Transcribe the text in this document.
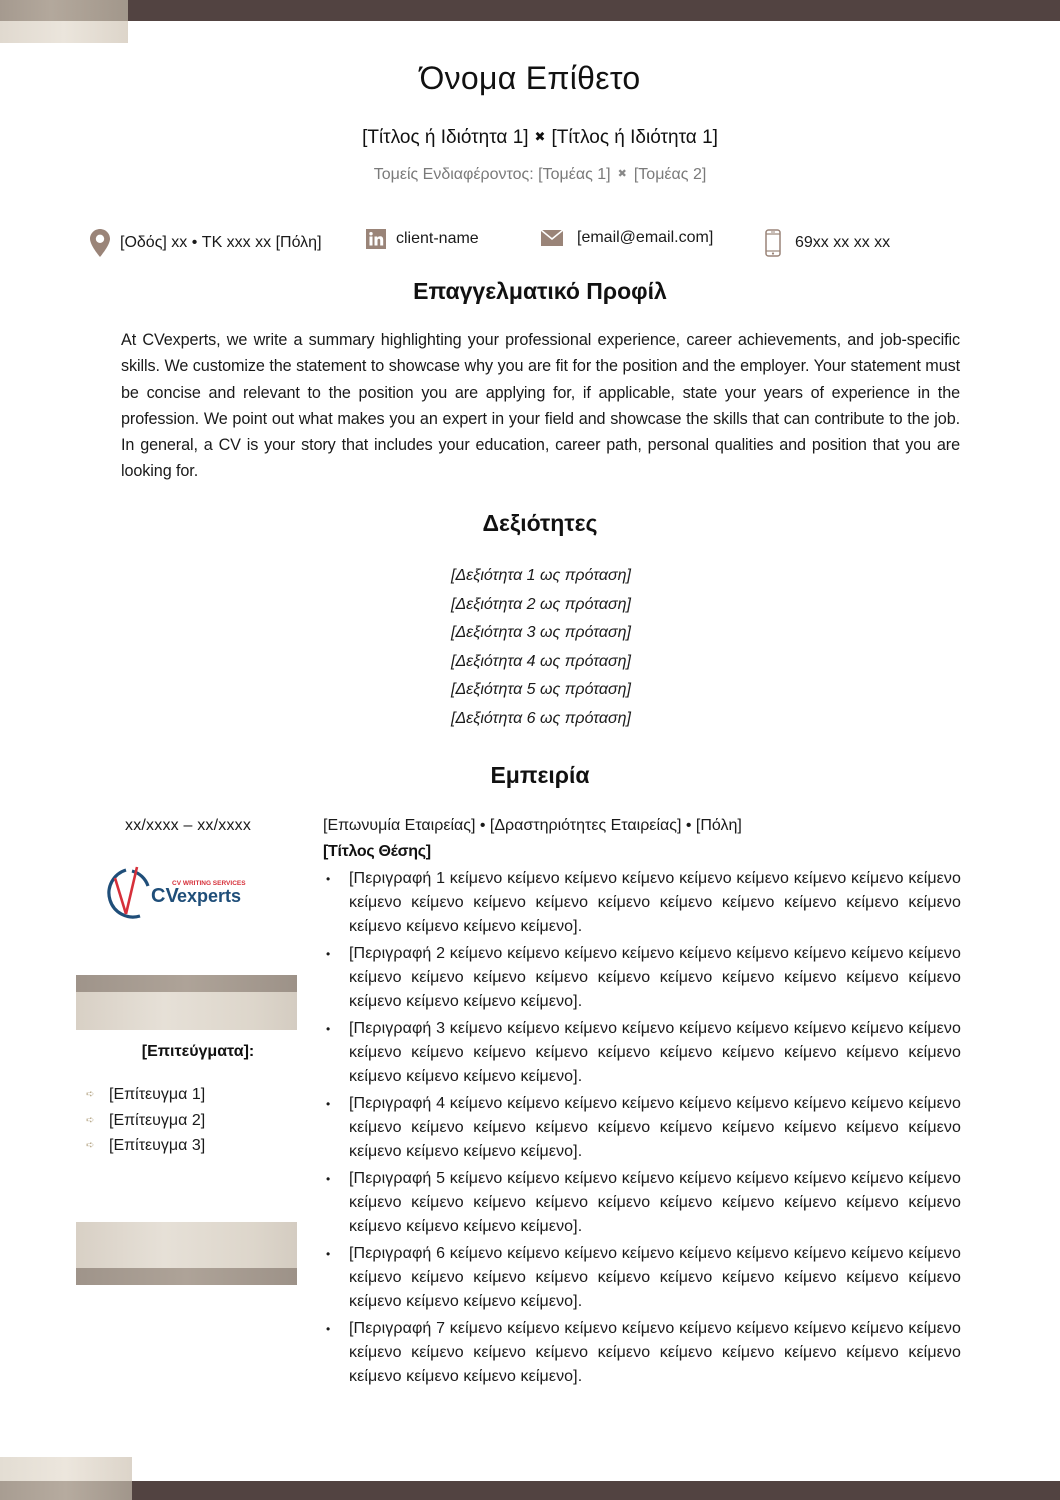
Όνομα Επίθετο
[Τίτλος ή Ιδιότητα 1] ✖ [Τίτλος ή Ιδιότητα 1]
Τομείς Ενδιαφέροντος: [Τομέας 1] ✖ [Τομέας 2]
[Οδός] xx • ΤΚ xxx xx [Πόλη]	client-name	[email@email.com]	69xx xx xx xx
Επαγγελματικό Προφίλ

At CVexperts, we write a summary highlighting your professional experience, career achievements, and job-specific skills. We customize the statement to showcase why you are fit for the position and the employer. Your statement must be concise and relevant to the position you are applying for, if applicable, state your years of experience in the profession. We point out what makes you an expert in your field and showcase the skills that can contribute to the job. In general, a CV is your story that includes your education, career path, personal qualities and position that you are looking for.

Δεξιότητες
[Δεξιότητα 1 ως πρόταση]
[Δεξιότητα 2 ως πρόταση]
[Δεξιότητα 3 ως πρόταση]
[Δεξιότητα 4 ως πρόταση]
[Δεξιότητα 5 ως πρόταση]
[Δεξιότητα 6 ως πρόταση]
Εμπειρία
xx/xxxx – xx/xxxx
CV WRITING SERVICES
CV
experts
[Επιτεύγματα]:
➪ [Επίτευγμα 1]
➪ [Επίτευγμα 2]
➪ [Επίτευγμα 3]
[Επωνυμία Εταιρείας] • [Δραστηριότητες Εταιρείας] • [Πόλη]
[Τίτλος Θέσης]
•	[Περιγραφή 1 κείμενο κείμενο κείμενο κείμενο κείμενο κείμενο κείμενο κείμενο κείμενο κείμενο κείμενο κείμενο κείμενο κείμενο κείμενο κείμενο κείμενο κείμενο κείμενο κείμενο κείμενο κείμενο κείμενο].
•	[Περιγραφή 2 κείμενο κείμενο κείμενο κείμενο κείμενο κείμενο κείμενο κείμενο κείμενο κείμενο κείμενο κείμενο κείμενο κείμενο κείμενο κείμενο κείμενο κείμενο κείμενο κείμενο κείμενο κείμενο κείμενο].
•	[Περιγραφή 3 κείμενο κείμενο κείμενο κείμενο κείμενο κείμενο κείμενο κείμενο κείμενο κείμενο κείμενο κείμενο κείμενο κείμενο κείμενο κείμενο κείμενο κείμενο κείμενο κείμενο κείμενο κείμενο κείμενο].
•	[Περιγραφή 4 κείμενο κείμενο κείμενο κείμενο κείμενο κείμενο κείμενο κείμενο κείμενο κείμενο κείμενο κείμενο κείμενο κείμενο κείμενο κείμενο κείμενο κείμενο κείμενο κείμενο κείμενο κείμενο κείμενο].
•	[Περιγραφή 5 κείμενο κείμενο κείμενο κείμενο κείμενο κείμενο κείμενο κείμενο κείμενο κείμενο κείμενο κείμενο κείμενο κείμενο κείμενο κείμενο κείμενο κείμενο κείμενο κείμενο κείμενο κείμενο κείμενο].
•	[Περιγραφή 6 κείμενο κείμενο κείμενο κείμενο κείμενο κείμενο κείμενο κείμενο κείμενο κείμενο κείμενο κείμενο κείμενο κείμενο κείμενο κείμενο κείμενο κείμενο κείμενο κείμενο κείμενο κείμενο κείμενο].
•	[Περιγραφή 7 κείμενο κείμενο κείμενο κείμενο κείμενο κείμενο κείμενο κείμενο κείμενο κείμενο κείμενο κείμενο κείμενο κείμενο κείμενο κείμενο κείμενο κείμενο κείμενο κείμενο κείμενο κείμενο κείμενο].
